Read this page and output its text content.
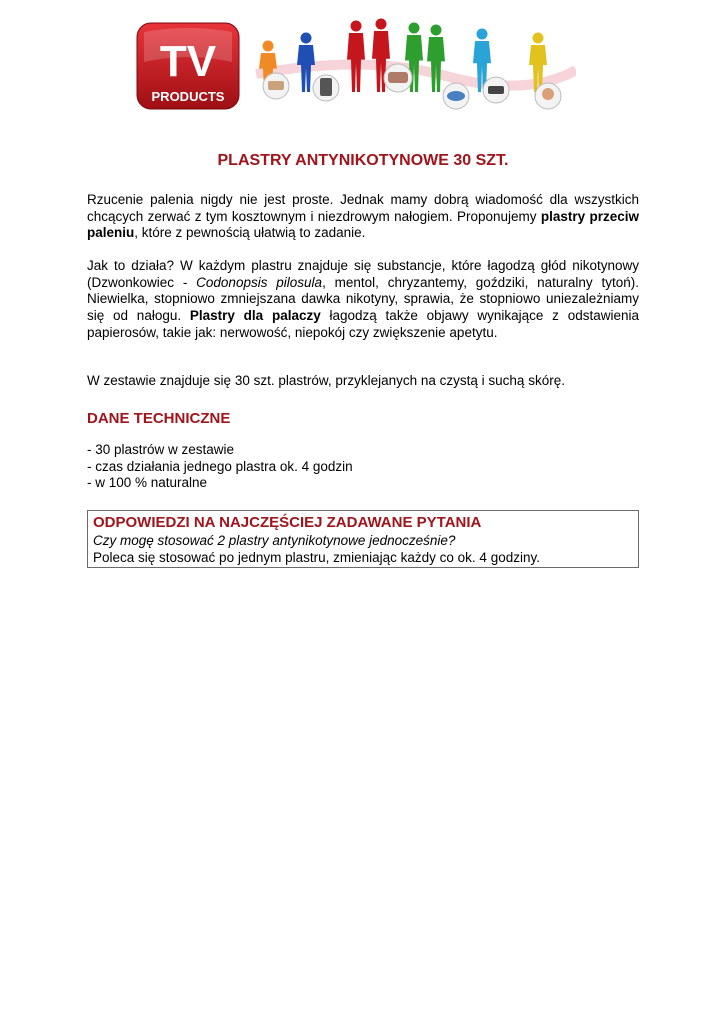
TV
PRODUCTS
PLASTRY ANTYNIKOTYNOWE 30 SZT.

Rzucenie palenia nigdy nie jest proste. Jednak mamy dobrą wiadomość dla wszystkich chcących zerwać z tym kosztownym i niezdrowym nałogiem. Proponujemy plastry przeciw paleniu, które z pewnością ułatwią to zadanie.

Jak to działa? W każdym plastru znajduje się substancje, które łagodzą głód nikotynowy (Dzwonkowiec - Codonopsis pilosula, mentol, chryzantemy, goździki, naturalny tytoń). Niewielka, stopniowo zmniejszana dawka nikotyny, sprawia, że stopniowo uniezależniamy się od nałogu. Plastry dla palaczy łagodzą także objawy wynikające z odstawienia papierosów, takie jak: nerwowość, niepokój czy zwiększenie apetytu.

W zestawie znajduje się 30 szt. plastrów, przyklejanych na czystą i suchą skórę.

DANE TECHNICZNE
- 30 plastrów w zestawie
- czas działania jednego plastra ok. 4 godzin
- w 100 % naturalne
ODPOWIEDZI NA NAJCZĘŚCIEJ ZADAWANE PYTANIA
Czy mogę stosować 2 plastry antynikotynowe jednocześnie?
Poleca się stosować po jednym plastru, zmieniając każdy co ok. 4 godziny.
